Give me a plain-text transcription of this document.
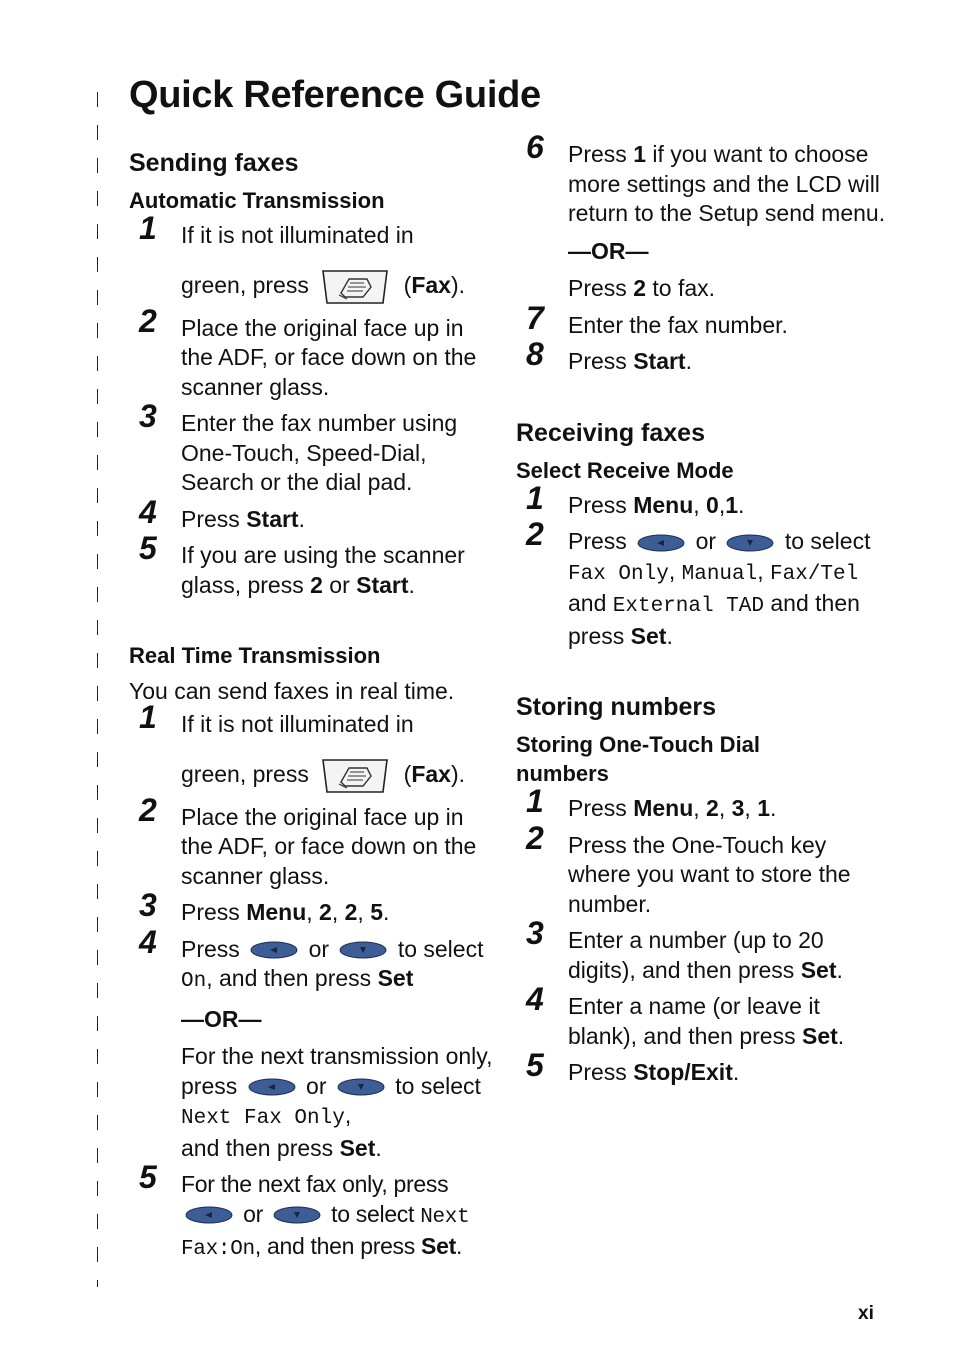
Quick Reference Guide
Sending faxes
Automatic Transmission
1 If it is not illuminated in

green, press	(Fax).

2 Place the original face up in the ADF, or face down on the scanner glass.

3 Enter the fax number using One-Touch, Speed-Dial, Search or the dial pad.

4 Press Start.

5 If you are using the scanner glass, press 2 or Start.

Real Time Transmission

You can send faxes in real time.

1 If it is not illuminated in

green, press	(Fax).

2 Place the original face up in the ADF, or face down on the scanner glass.

3 Press Menu, 2, 2, 5.

4 Press	or	to select On, and then press Set

—OR—

For the next transmission only, press	or	to select Next Fax Only,
and then press Set.

5 For the next fax only, press
or	to select Next Fax:On, and then press Set.

6 Press 1 if you want to choose more settings and the LCD will return to the Setup send menu.

—OR—

Press 2 to fax.

7 Enter the fax number.

8 Press Start.

Receiving faxes
Select Receive Mode
1 Press Menu, 0,1.

2 Press	or	to select Fax Only, Manual, Fax/Tel and External TAD and then press Set.

Storing numbers
Storing One-Touch Dial numbers
1 Press Menu, 2, 3, 1.

2 Press the One-Touch key where you want to store the number.

3 Enter a number (up to 20 digits), and then press Set.

4 Enter a name (or leave it blank), and then press Set.

5 Press Stop/Exit.

xi
